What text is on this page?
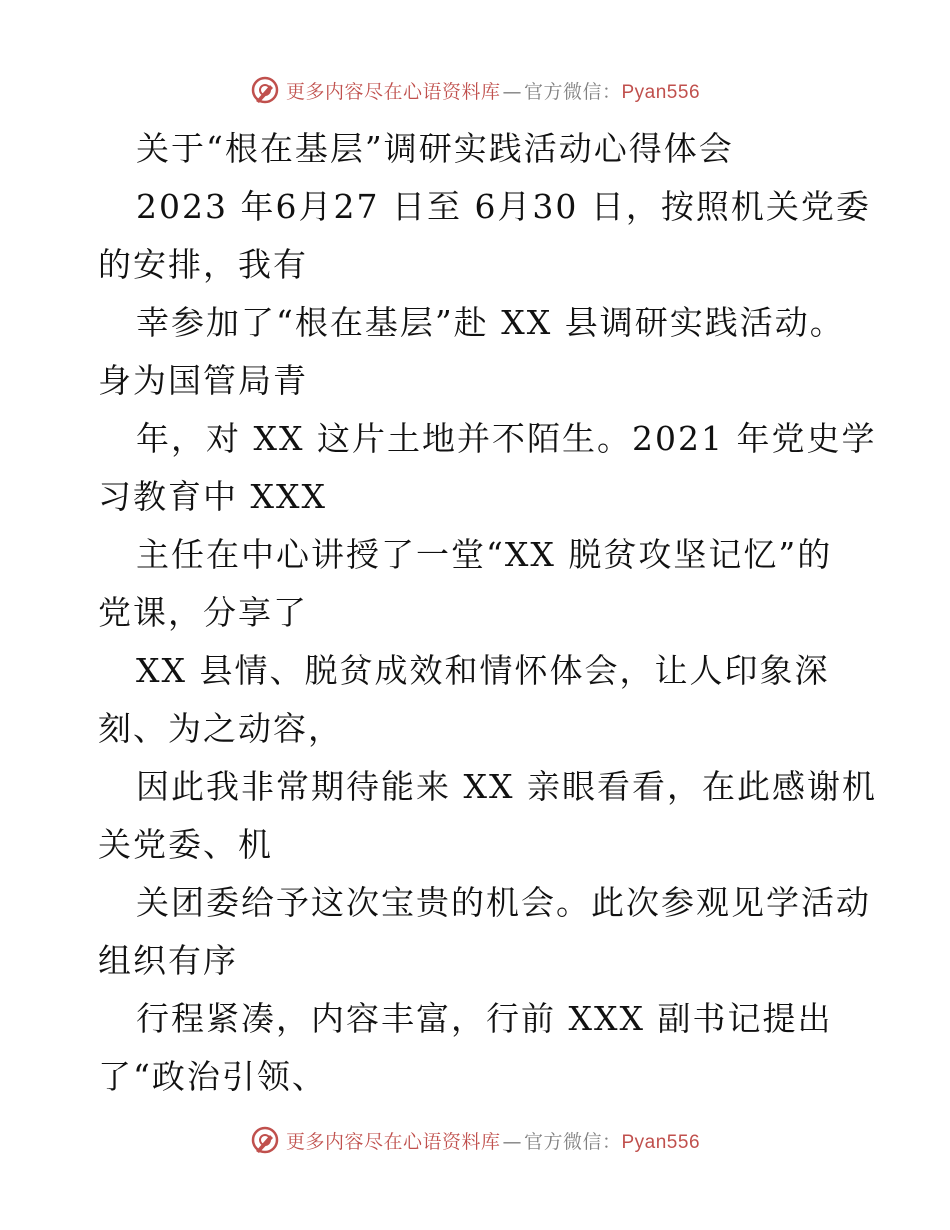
更多内容尽在心语资料库 — 官方微信：Pyan556
关于“根在基层”调研实践活动心得体会
2023 年6月27 日至 6月30 日，按照机关党委
的安排，我有
幸参加了“根在基层”赴 XX 县调研实践活动。
身为国管局青
年，对 XX 这片土地并不陌生。2021 年党史学
习教育中 XXX
主任在中心讲授了一堂“XX 脱贫攻坚记忆”的
党课，分享了
XX 县情、脱贫成效和情怀体会，让人印象深
刻、为之动容，
因此我非常期待能来 XX 亲眼看看，在此感谢机
关党委、机
关团委给予这次宝贵的机会。此次参观见学活动
组织有序
行程紧凑，内容丰富，行前 XXX 副书记提出
了“政治引领、
更多内容尽在心语资料库 — 官方微信：Pyan556
